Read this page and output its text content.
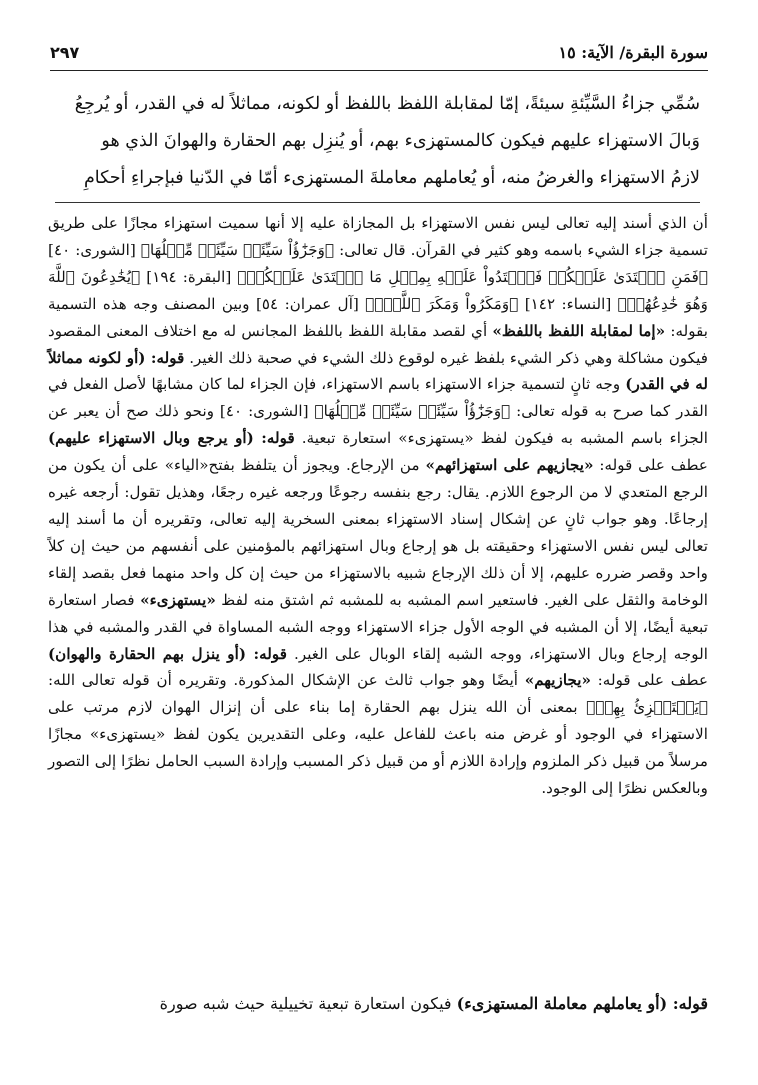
سورة البقرة/ الآية: ١٥
٢٩٧

سُمِّي جزاءُ السَّيِّئةِ سيئةً، إمّا لمقابلة اللفظ باللفظ أو لكونه، مماثلاً له في القدر، أو يُرجِعُ

وَبالَ الاستهزاء عليهم فيكون كالمستهزىء بهم، أو يُنزِل بهم الحقارة والهوانَ الذي هو

لازمُ الاستهزاء والغرضُ منه، أو يُعاملهم معاملةَ المستهزىء أمّا في الدّنيا فبإجراءِ أحكامِ

أن الذي أسند إليه تعالى ليس نفس الاستهزاء بل المجازاة عليه إلا أنها سميت استهزاء مجازًا على طريق تسمية جزاء الشيء باسمه وهو كثير في القرآن. قال تعالى: ﴿وَجَزَٰٓؤُاْ سَيِّئَةٖ سَيِّئَةٞ مِّثۡلُهَا﴾ [الشورى: ٤٠] ﴿فَمَنِ ٱعۡتَدَىٰ عَلَيۡكُمۡ فَٱعۡتَدُواْ عَلَيۡهِ بِمِثۡلِ مَا ٱعۡتَدَىٰ عَلَيۡكُمۡ﴾ [البقرة: ١٩٤] ﴿يُخَٰدِعُونَ ٱللَّهَ وَهُوَ خَٰدِعُهُمۡ﴾ [النساء: ١٤٢] ﴿وَمَكَرُواْ وَمَكَرَ ٱللَّهُۖ﴾ [آل عمران: ٥٤] وبين المصنف وجه هذه التسمية بقوله: «إما لمقابلة اللفظ باللفظ» أي لقصد مقابلة اللفظ باللفظ المجانس له مع اختلاف المعنى المقصود فيكون مشاكلة وهي ذكر الشيء بلفظ غيره لوقوع ذلك الشيء في صحبة ذلك الغير. قوله: (أو لكونه مماثلاً له في القدر) وجه ثانٍ لتسمية جزاء الاستهزاء باسم الاستهزاء، فإن الجزاء لما كان مشابهًا لأصل الفعل في القدر كما صرح به قوله تعالى: ﴿وَجَزَٰٓؤُاْ سَيِّئَةٖ سَيِّئَةٞ مِّثۡلُهَا﴾ [الشورى: ٤٠] ونحو ذلك صح أن يعبر عن الجزاء باسم المشبه به فيكون لفظ «يستهزىء» استعارة تبعية. قوله: (أو يرجع وبال الاستهزاء عليهم) عطف على قوله: «يجازيهم على استهزائهم» من الإرجاع. ويجوز أن يتلفظ بفتح«الياء» على أن يكون من الرجع المتعدي لا من الرجوع اللازم. يقال: رجع بنفسه رجوعًا ورجعه غيره رجعًا، وهذيل تقول: أرجعه غيره إرجاعًا. وهو جواب ثانٍ عن إشكال إسناد الاستهزاء بمعنى السخرية إليه تعالى، وتقريره أن ما أسند إليه تعالى ليس نفس الاستهزاء وحقيقته بل هو إرجاع وبال استهزائهم بالمؤمنين على أنفسهم من حيث إن كلاً واحد وقصر ضرره عليهم، إلا أن ذلك الإرجاع شبيه بالاستهزاء من حيث إن كل واحد منهما فعل بقصد إلقاء الوخامة والثقل على الغير. فاستعير اسم المشبه به للمشبه ثم اشتق منه لفظ «يستهزىء» فصار استعارة تبعية أيضًا، إلا أن المشبه في الوجه الأول جزاء الاستهزاء ووجه الشبه المساواة في القدر والمشبه في هذا الوجه إرجاع وبال الاستهزاء، ووجه الشبه إلقاء الوبال على الغير. قوله: (أو ينزل بهم الحقارة والهوان) عطف على قوله: «يجازيهم» أيضًا وهو جواب ثالث عن الإشكال المذكورة. وتقريره أن قوله تعالى الله: ﴿يَسۡتَهۡزِئُ بِهِمۡ﴾ بمعنى أن الله ينزل بهم الحقارة إما بناء على أن إنزال الهوان لازم مرتب على الاستهزاء في الوجود أو غرض منه باعث للفاعل عليه، وعلى التقديرين يكون لفظ «يستهزىء» مجازًا مرسلاً من قبيل ذكر الملزوم وإرادة اللازم أو من قبيل ذكر المسبب وإرادة السبب الحامل نظرًا إلى التصور وبالعكس نظرًا إلى الوجود.

قوله: (أو يعاملهم معاملة المستهزىء) فيكون استعارة تبعية تخييلية حيث شبه صورة
